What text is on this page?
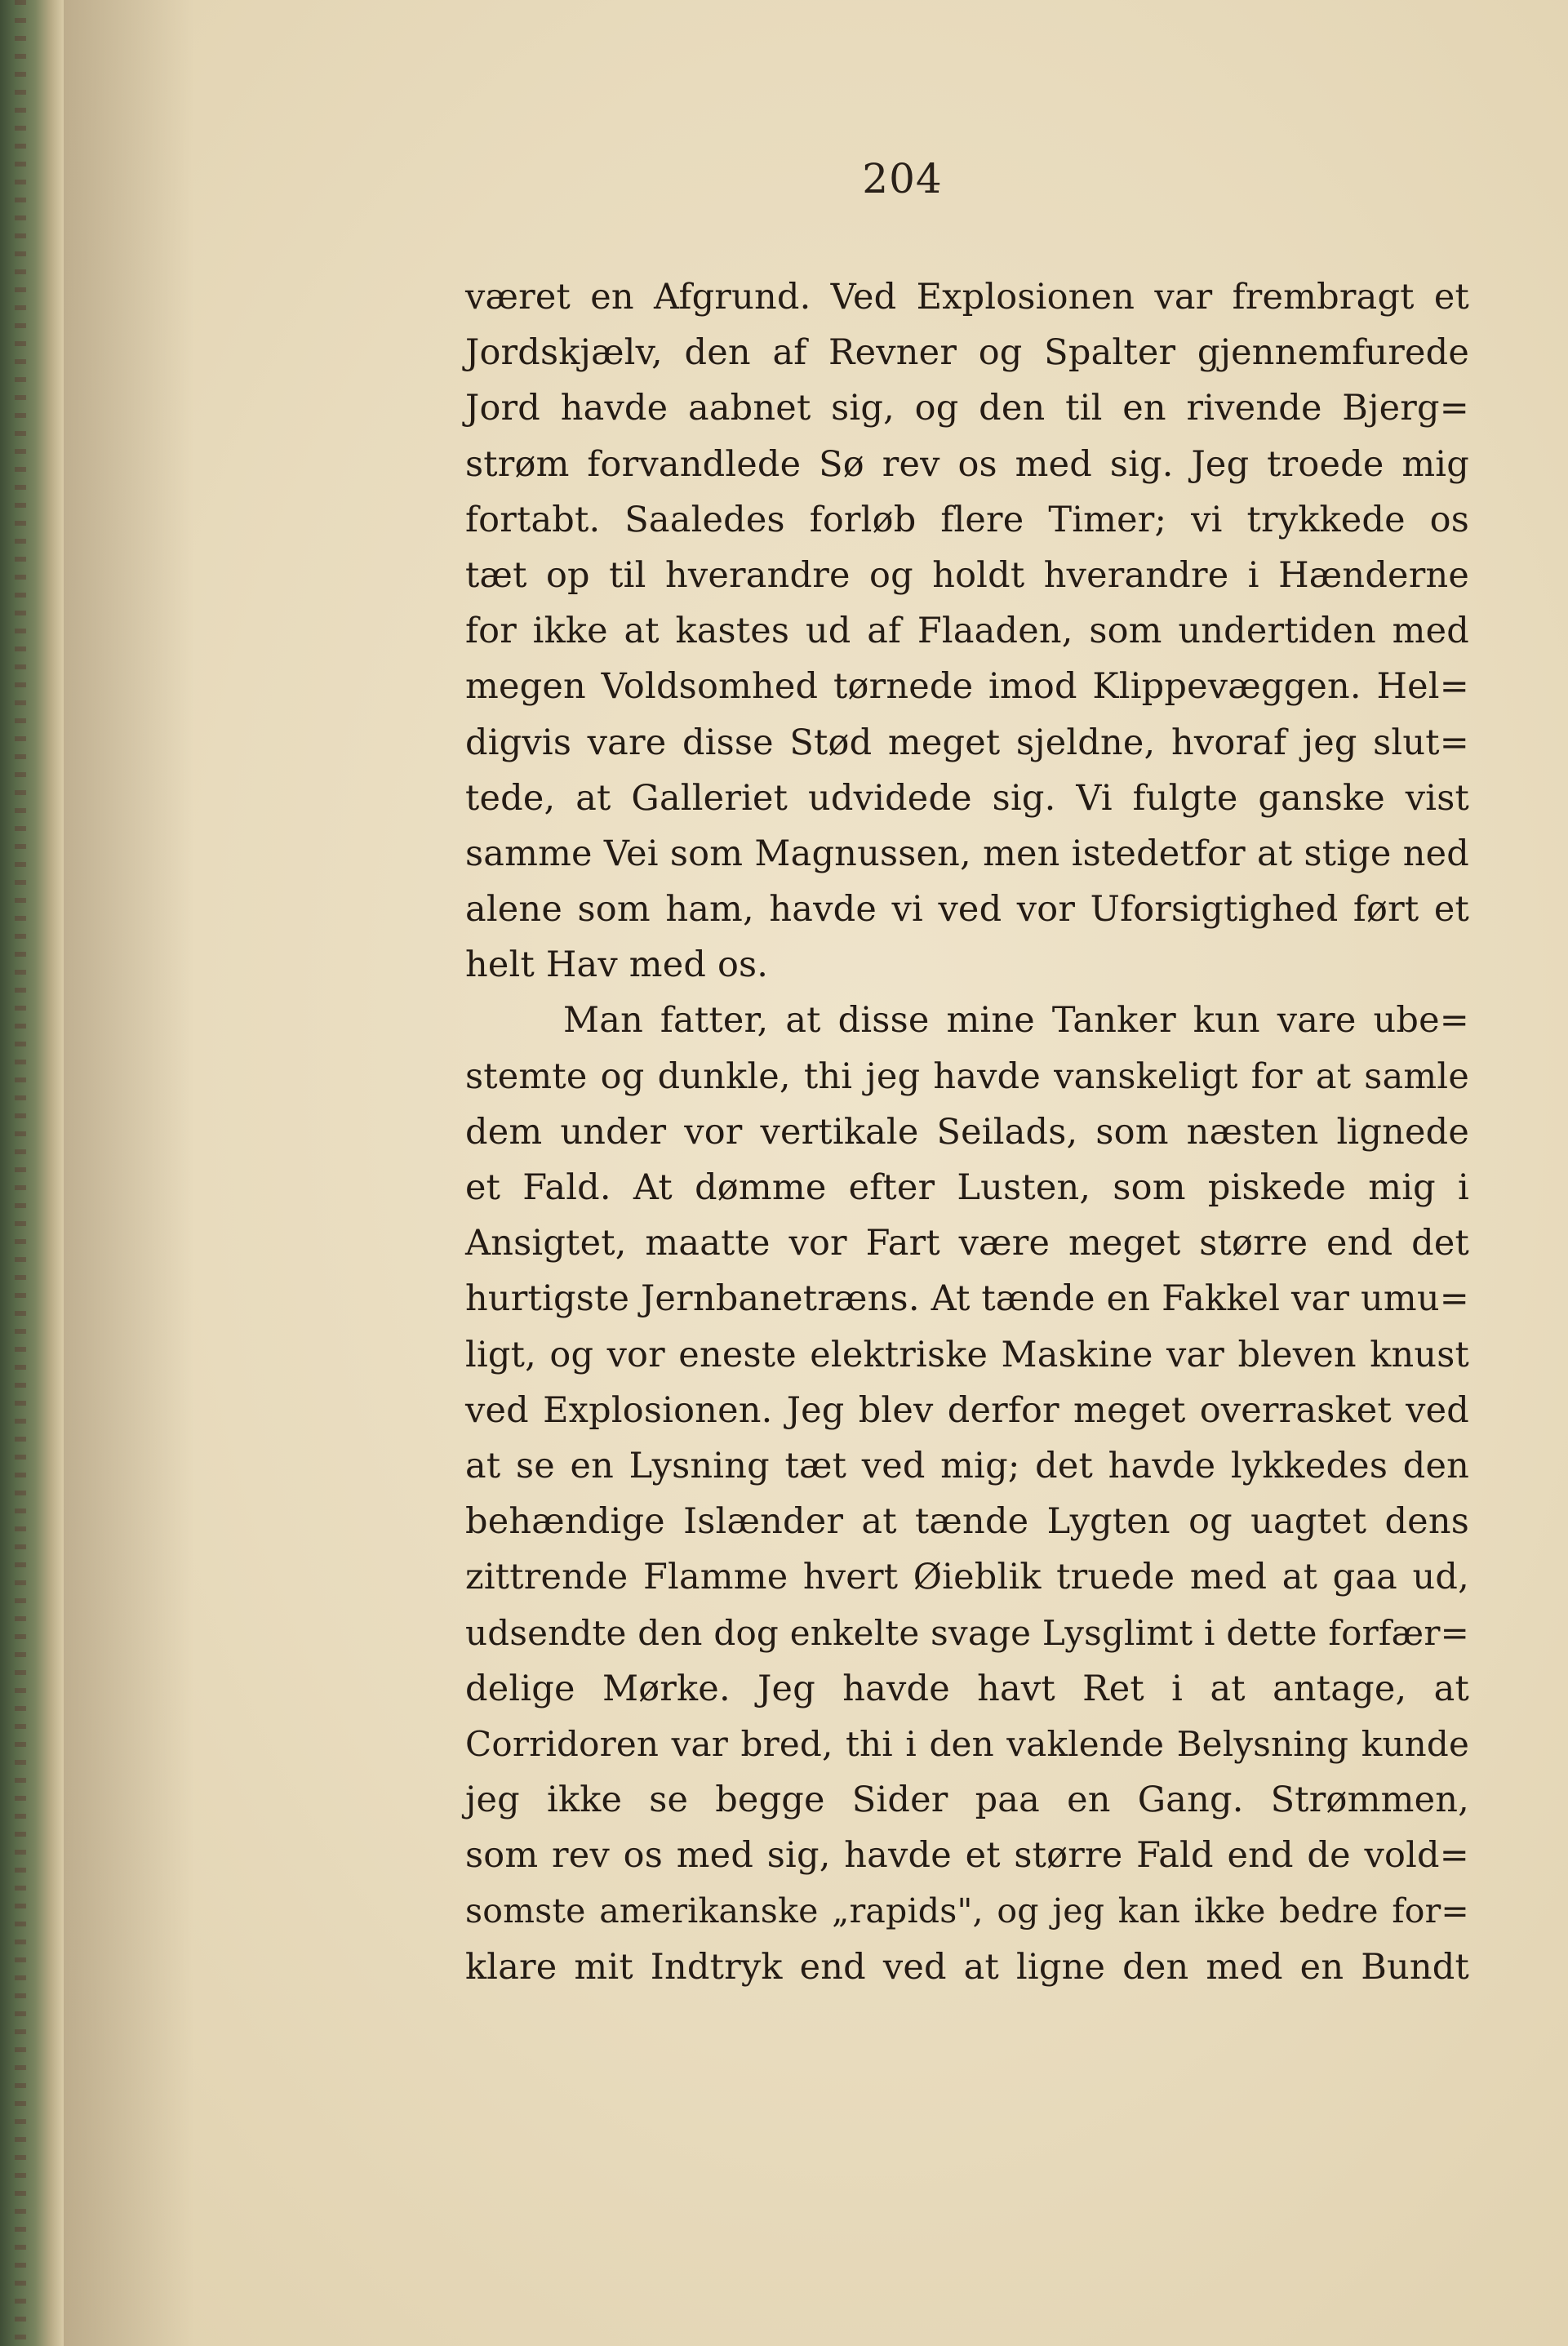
204
været en Afgrund. Ved Explosionen var frembragt et
Jordskjælv, den af Revner og Spalter gjennemfurede
Jord havde aabnet sig, og den til en rivende Bjerg=
strøm forvandlede Sø rev os med sig. Jeg troede mig
fortabt. Saaledes forløb flere Timer; vi trykkede os
tæt op til hverandre og holdt hverandre i Hænderne
for ikke at kastes ud af Flaaden, som undertiden med
megen Voldsomhed tørnede imod Klippevæggen. Hel=
digvis vare disse Stød meget sjeldne, hvoraf jeg slut=
tede, at Galleriet udvidede sig. Vi fulgte ganske vist
samme Vei som Magnussen, men istedetfor at stige ned
alene som ham, havde vi ved vor Uforsigtighed ført et
helt Hav med os.
Man fatter, at disse mine Tanker kun vare ube=
stemte og dunkle, thi jeg havde vanskeligt for at samle
dem under vor vertikale Seilads, som næsten lignede
et Fald. At dømme efter Lusten, som piskede mig i
Ansigtet, maatte vor Fart være meget større end det
hurtigste Jernbanetræns. At tænde en Fakkel var umu=
ligt, og vor eneste elektriske Maskine var bleven knust
ved Explosionen. Jeg blev derfor meget overrasket ved
at se en Lysning tæt ved mig; det havde lykkedes den
behændige Islænder at tænde Lygten og uagtet dens
zittrende Flamme hvert Øieblik truede med at gaa ud,
udsendte den dog enkelte svage Lysglimt i dette forfær=
delige Mørke. Jeg havde havt Ret i at antage, at
Corridoren var bred, thi i den vaklende Belysning kunde
jeg ikke se begge Sider paa en Gang. Strømmen,
som rev os med sig, havde et større Fald end de vold=
somste amerikanske „rapids", og jeg kan ikke bedre for=
klare mit Indtryk end ved at ligne den med en Bundt
